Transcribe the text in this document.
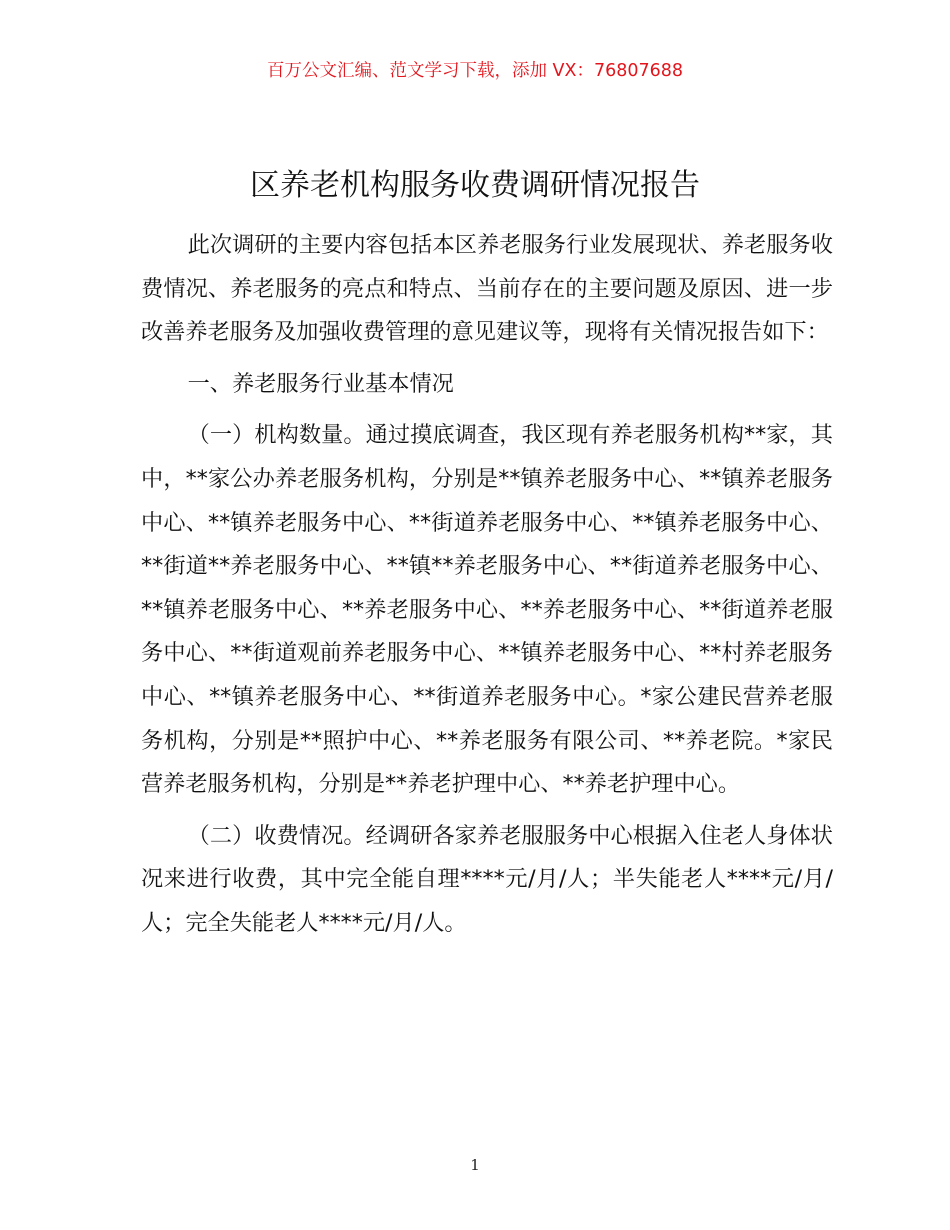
百万公文汇编、范文学习下载，添加 VX：76807688
区养老机构服务收费调研情况报告

此次调研的主要内容包括本区养老服务行业发展现状、养老服务收费情况、养老服务的亮点和特点、当前存在的主要问题及原因、进一步改善养老服务及加强收费管理的意见建议等，现将有关情况报告如下：

一、养老服务行业基本情况

（一）机构数量。通过摸底调查，我区现有养老服务机构**家，其中，**家公办养老服务机构，分别是**镇养老服务中心、**镇养老服务中心、**镇养老服务中心、**街道养老服务中心、**镇养老服务中心、**街道**养老服务中心、**镇**养老服务中心、**街道养老服务中心、**镇养老服务中心、**养老服务中心、**养老服务中心、**街道养老服务中心、**街道观前养老服务中心、**镇养老服务中心、**村养老服务中心、**镇养老服务中心、**街道养老服务中心。*家公建民营养老服务机构，分别是**照护中心、**养老服务有限公司、**养老院。*家民营养老服务机构，分别是**养老护理中心、**养老护理中心。

（二）收费情况。经调研各家养老服服务中心根据入住老人身体状况来进行收费，其中完全能自理****元/月/人；半失能老人****元/月/人；完全失能老人****元/月/人。

1
